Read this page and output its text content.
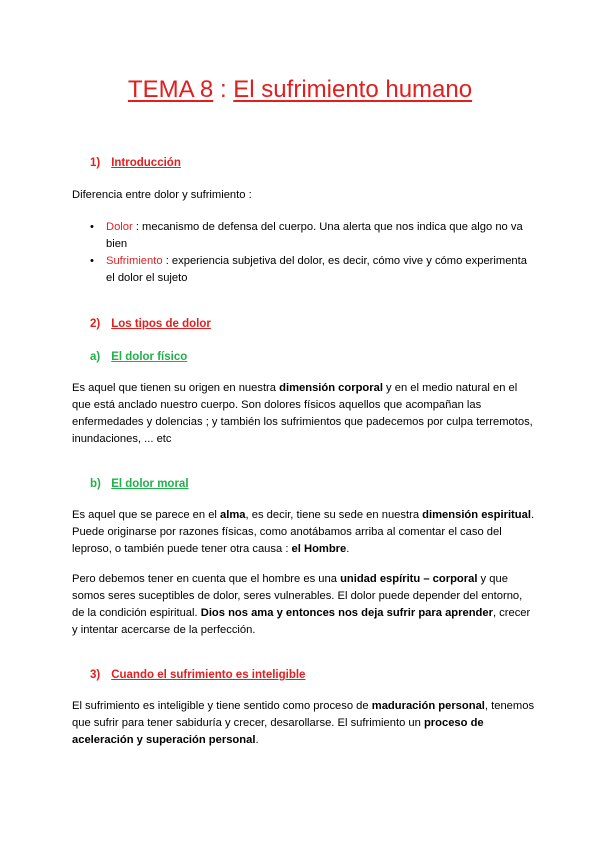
TEMA 8 : El sufrimiento humano
1) Introducción
Diferencia entre dolor y sufrimiento :
• Dolor : mecanismo de defensa del cuerpo. Una alerta que nos indica que algo no va bien
• Sufrimiento : experiencia subjetiva del dolor, es decir, cómo vive y cómo experimenta el dolor el sujeto
2) Los tipos de dolor
a) El dolor físico
Es aquel que tienen su origen en nuestra dimensión corporal y en el medio natural en el que está anclado nuestro cuerpo. Son dolores físicos aquellos que acompañan las enfermedades y dolencias ; y también los sufrimientos que padecemos por culpa terremotos, inundaciones, ... etc
b) El dolor moral
Es aquel que se parece en el alma, es decir, tiene su sede en nuestra dimensión espiritual. Puede originarse por razones físicas, como anotábamos arriba al comentar el caso del leproso, o también puede tener otra causa : el Hombre.
Pero debemos tener en cuenta que el hombre es una unidad espíritu – corporal y que somos seres suceptibles de dolor, seres vulnerables. El dolor puede depender del entorno, de la condición espiritual. Dios nos ama y entonces nos deja sufrir para aprender, crecer y intentar acercarse de la perfección.
3) Cuando el sufrimiento es inteligible
El sufrimiento es inteligible y tiene sentido como proceso de maduración personal, tenemos que sufrir para tener sabiduría y crecer, desarollarse. El sufrimiento un proceso de aceleración y superación personal.
